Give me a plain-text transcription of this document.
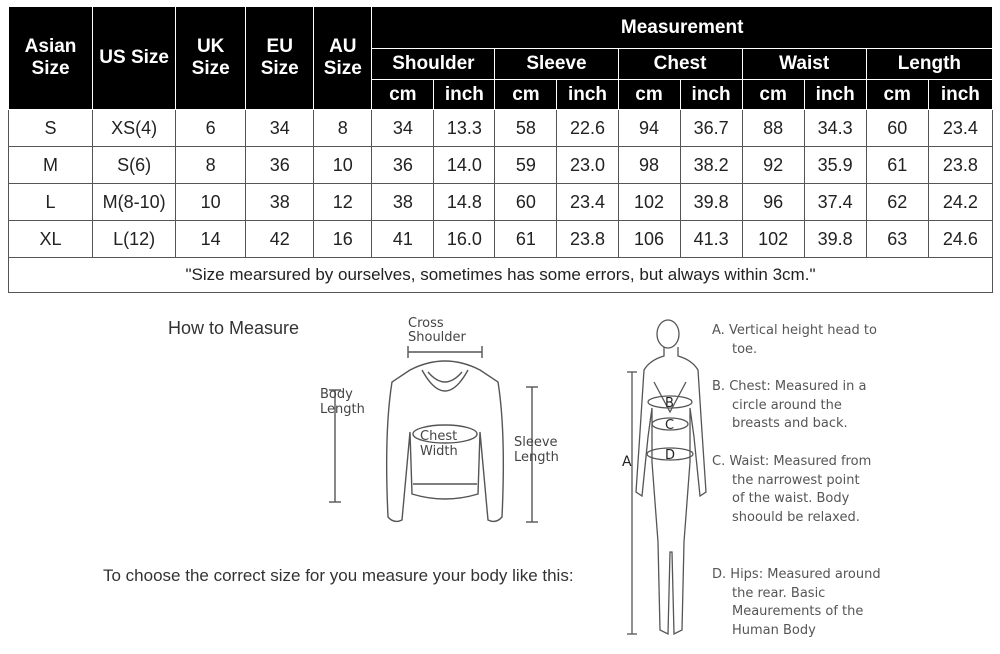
Asian Size	US Size	UK Size	EU Size	AU Size	Measurement									
					Shoulder		Sleeve		Chest		Waist		Length	
					cm	inch	cm	inch	cm	inch	cm	inch	cm	inch
S	XS(4)	6	34	8	34	13.3	58	22.6	94	36.7	88	34.3	60	23.4
M	S(6)	8	36	10	36	14.0	59	23.0	98	38.2	92	35.9	61	23.8
L	M(8-10)	10	38	12	38	14.8	60	23.4	102	39.8	96	37.4	62	24.2
XL	L(12)	14	42	16	41	16.0	61	23.8	106	41.3	102	39.8	63	24.6
"Size mearsured by ourselves, sometimes has some errors, but always within 3cm."														
How to Measure
To choose the correct size for you measure your body like this:
Cross
Shoulder
Body
Length
Chest
Width
Sleeve
Length	A
B
C
D
A. Vertical height head to toe.
B. Chest: Measured in a circle around the breasts and back.
C. Waist: Measured from the narrowest point of the waist. Body shoould be relaxed.
D. Hips: Measured around the rear. Basic Meaurements of the Human Body
